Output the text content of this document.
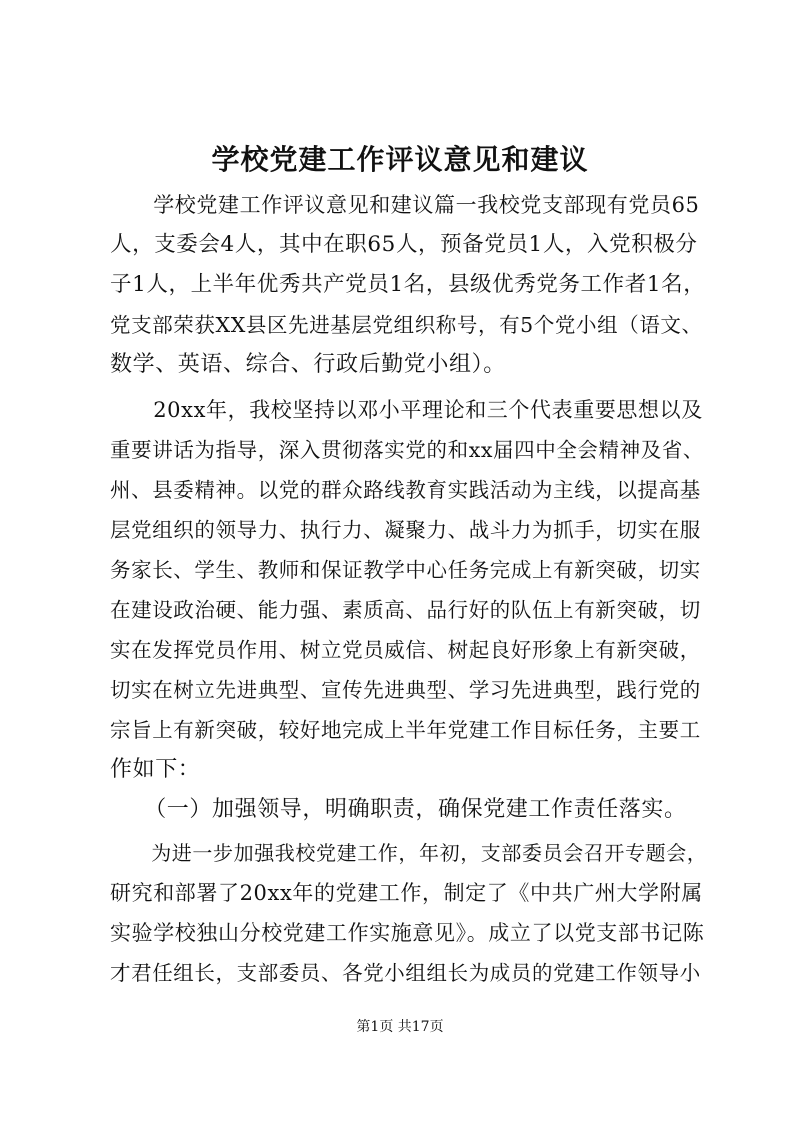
学校党建工作评议意见和建议

　　学校党建工作评议意见和建议篇一我校党支部现有党员65

人，支委会4人，其中在职65人，预备党员1人，入党积极分

子1人，上半年优秀共产党员1名，县级优秀党务工作者1名，

党支部荣获XX县区先进基层党组织称号，有5个党小组（语文、

数学、英语、综合、行政后勤党小组）。

　　20xx年，我校坚持以邓小平理论和三个代表重要思想以及

重要讲话为指导，深入贯彻落实党的和xx届四中全会精神及省、

州、县委精神。以党的群众路线教育实践活动为主线，以提高基

层党组织的领导力、执行力、凝聚力、战斗力为抓手，切实在服

务家长、学生、教师和保证教学中心任务完成上有新突破，切实

在建设政治硬、能力强、素质高、品行好的队伍上有新突破，切

实在发挥党员作用、树立党员威信、树起良好形象上有新突破，

切实在树立先进典型、宣传先进典型、学习先进典型，践行党的

宗旨上有新突破，较好地完成上半年党建工作目标任务，主要工

作如下：

　　（一）加强领导，明确职责，确保党建工作责任落实。

　　为进一步加强我校党建工作，年初，支部委员会召开专题会，

研究和部署了20xx年的党建工作，制定了《中共广州大学附属

实验学校独山分校党建工作实施意见》。成立了以党支部书记陈

才君任组长，支部委员、各党小组组长为成员的党建工作领导小

第1页 共17页
